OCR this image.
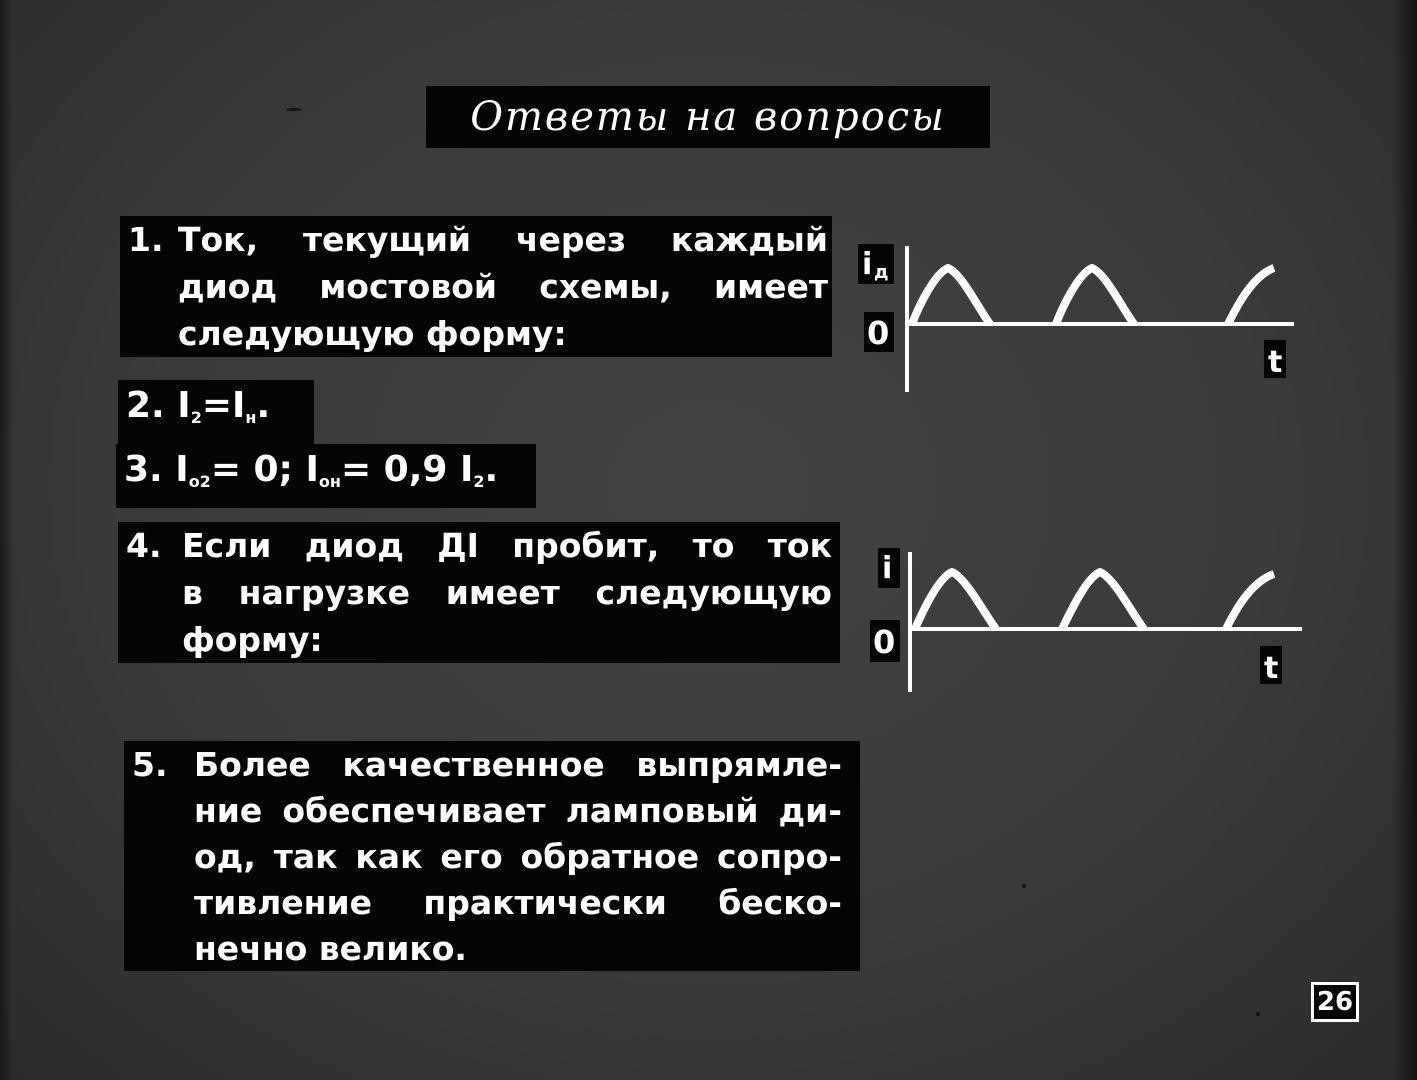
Ответы на вопросы
1. Ток, текущий через каждый
диод мостовой схемы, имеет
следующую форму:
2. $I_2=I_н$.
3. $I_{o2}= 0$; $I_{oн}= 0,9$ $I_2$.
4. Если диод ДI пробит, то ток
в нагрузке имеет следующую
форму:
5. Более качественное выпрямле-
ние обеспечивает ламповый ди-
од, так как его обратное сопро-
тивление практически беско-
нечно велико.
i д
0
t
i
0
t
26
